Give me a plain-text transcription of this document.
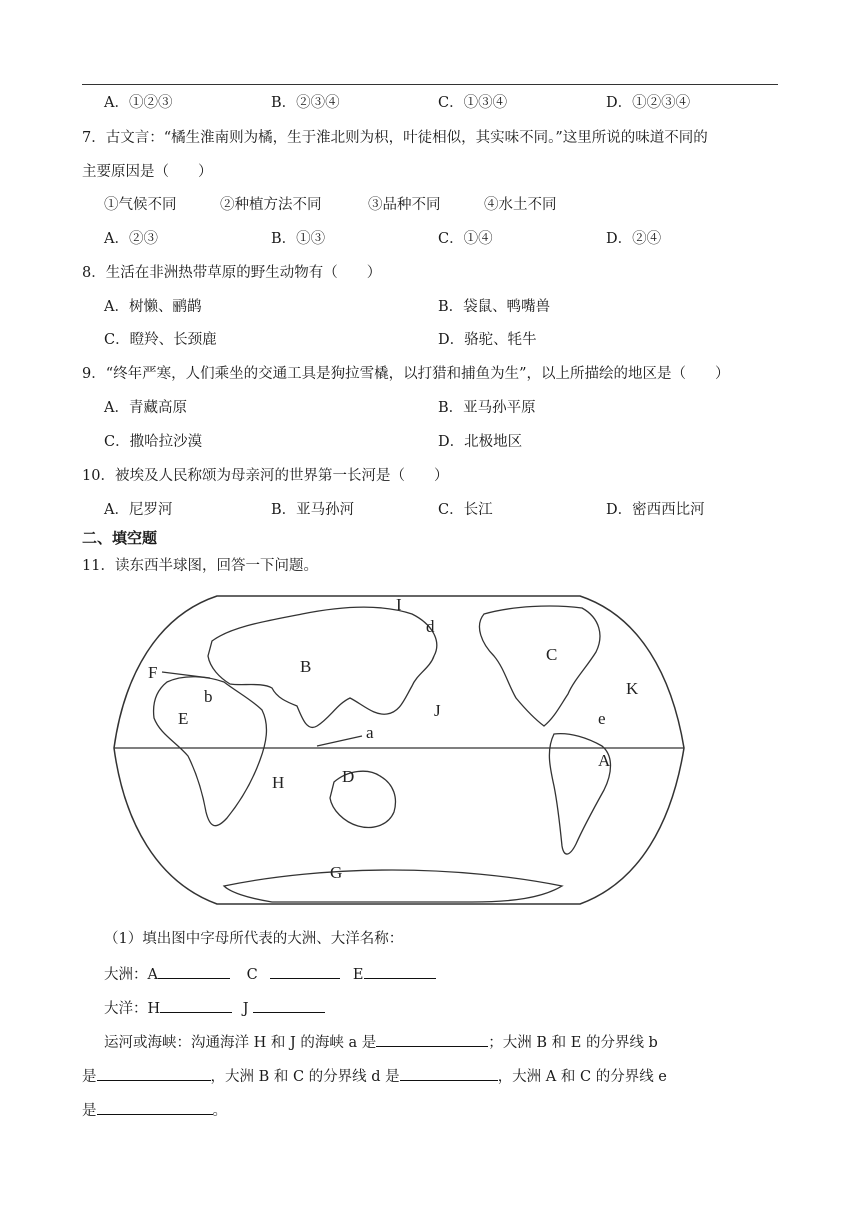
A．①②③	B．②③④	C．①③④	D．①②③④
7．古文言：“橘生淮南则为橘，生于淮北则为枳，叶徒相似，其实味不同。”这里所说的味道不同的
主要原因是（　　）
①气候不同	②种植方法不同	③品种不同	④水土不同
A．②③	B．①③	C．①④	D．②④
8．生活在非洲热带草原的野生动物有（　　）
A．树懒、鹂鹋	B．袋鼠、鸭嘴兽
C．瞪羚、长颈鹿	D．骆驼、牦牛
9．“终年严寒，人们乘坐的交通工具是狗拉雪橇，以打猎和捕鱼为生”，以上所描绘的地区是（　　）
A．青藏高原	B．亚马孙平原
C．撒哈拉沙漠	D．北极地区
10．被埃及人民称颂为母亲河的世界第一长河是（　　）
A．尼罗河	B．亚马孙河	C．长江	D．密西西比河
二、填空题
11．读东西半球图，回答一下问题。
I
d
C
F	B
b	K
E	J
a
e
A
H	D
G
（1）填出图中字母所代表的大洲、大洋名称：
大洲：A	C	E
大洋：H	J
运河或海峡：沟通海洋 H 和 J 的海峡 a 是	；大洲 B 和 E 的分界线 b
是	，大洲 B 和 C 的分界线 d 是	，大洲 A 和 C 的分界线 e
是	。
